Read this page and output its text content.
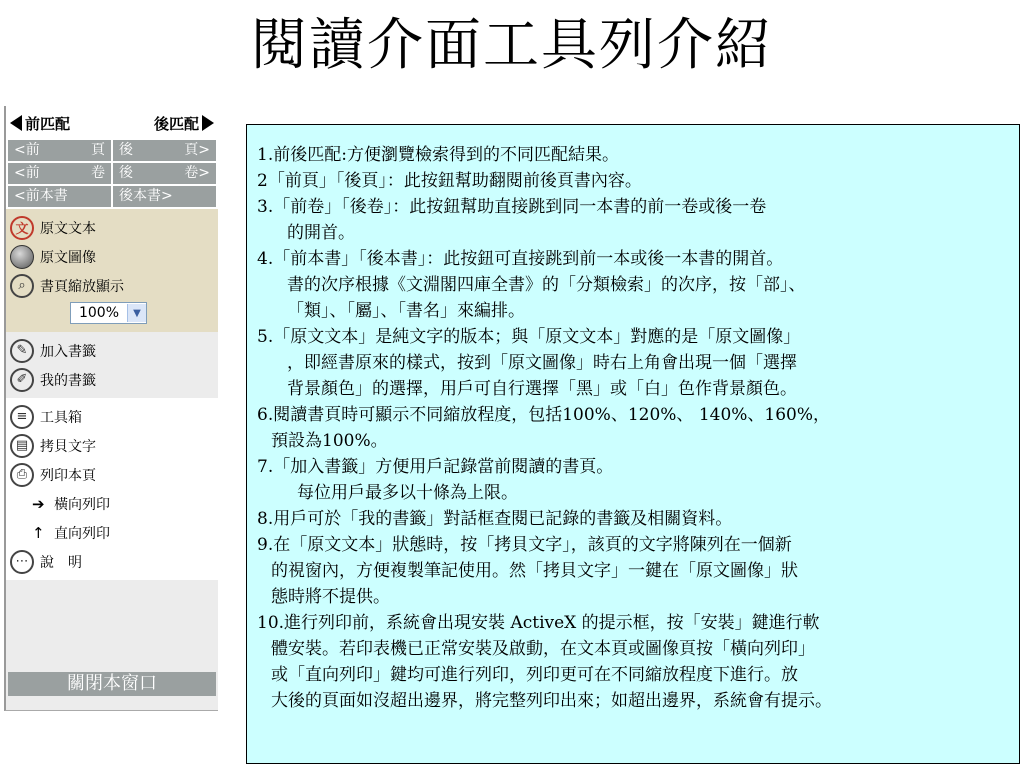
閱讀介面工具列介紹
前匹配	後匹配
<前	頁 後	頁>
<前	卷 後	卷>
<前本書	後本書>
文 原文文本
原文圖像
⌕	書頁縮放顯示
100%	▼
✎ 加入書籤
✐ 我的書籤
≡ 工具箱
▤ 拷貝文字
⎙ 列印本頁
➔ 橫向列印
↑ 直向列印
⋯ 說　明
關閉本窗口
1.前後匹配:方便瀏覽檢索得到的不同匹配結果。
2「前頁」「後頁」：此按鈕幫助翻閱前後頁書內容。
3.「前卷」「後卷」：此按鈕幫助直接跳到同一本書的前一卷或後一卷
的開首。
4.「前本書」「後本書」：此按鈕可直接跳到前一本或後一本書的開首。
書的次序根據《文淵閣四庫全書》的「分類檢索」的次序，按「部」、
「類」、「屬」、「書名」來編排。
5.「原文文本」是純文字的版本；與「原文文本」對應的是「原文圖像」
，即經書原來的樣式，按到「原文圖像」時右上角會出現一個「選擇
背景顏色」的選擇，用戶可自行選擇「黑」或「白」色作背景顏色。
6.閱讀書頁時可顯示不同縮放程度，包括100%、120%、 140%、160%，
預設為100%。
7.「加入書籤」方便用戶記錄當前閱讀的書頁。
每位用戶最多以十條為上限。
8.用戶可於「我的書籤」對話框查閱已記錄的書籤及相關資料。
9.在「原文文本」狀態時，按「拷貝文字」，該頁的文字將陳列在一個新
的視窗內，方便複製筆記使用。然「拷貝文字」一鍵在「原文圖像」狀
態時將不提供。
10.進行列印前，系統會出現安裝 ActiveX 的提示框，按「安裝」鍵進行軟
體安裝。若印表機已正常安裝及啟動，在文本頁或圖像頁按「橫向列印」
或「直向列印」鍵均可進行列印，列印更可在不同縮放程度下進行。放
大後的頁面如沒超出邊界，將完整列印出來；如超出邊界，系統會有提示。
